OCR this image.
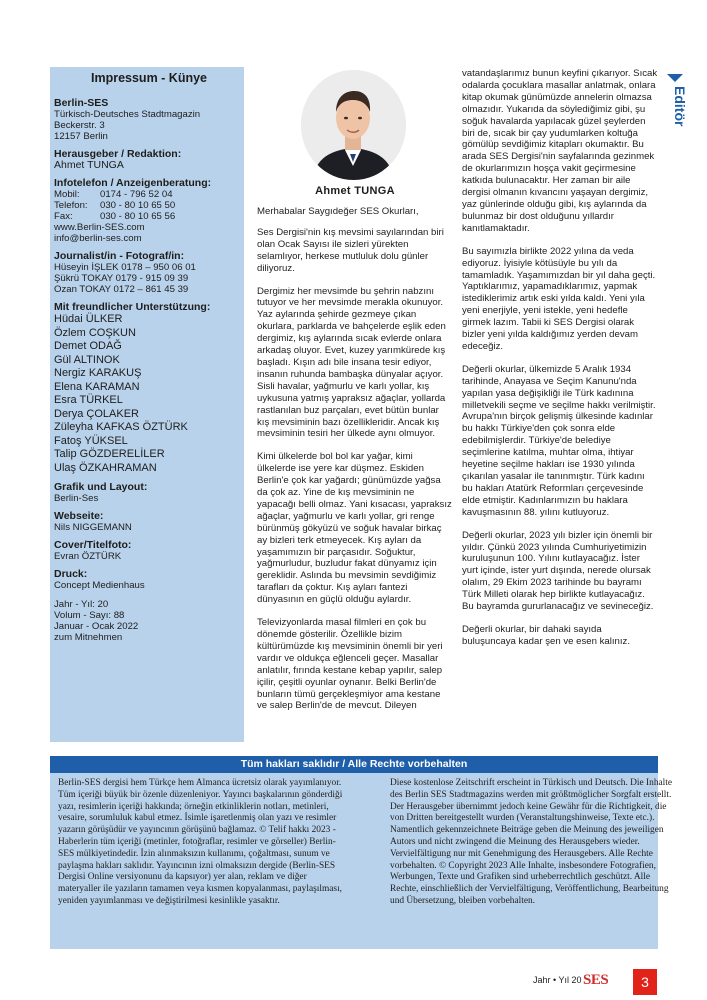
Impressum - Künye
Berlin-SES
Türkisch-Deutsches Stadtmagazin
Beckerstr. 3
12157 Berlin
Herausgeber / Redaktion:
Ahmet TUNGA
Infotelefon / Anzeigenberatung:
Mobil: 0174 - 796 52 04
Telefon: 030 - 80 10 65 50
Fax:	030 - 80 10 65 56
www.Berlin-SES.com
info@berlin-ses.com
Journalist/in - Fotograf/in:
Hüseyin İŞLEK 0178 – 950 06 01
Şükrü TOKAY 0179 - 915 09 39
Ozan TOKAY 0172 – 861 45 39
Mit freundlicher Unterstützung:
Hüdai ÜLKER
Özlem COŞKUN
Demet ODAĞ
Gül ALTINOK
Nergiz KARAKUŞ
Elena KARAMAN
Esra TÜRKEL
Derya ÇOLAKER
Züleyha KAFKAS ÖZTÜRK
Fatoş YÜKSEL
Talip GÖZDERELİLER
Ulaş ÖZKAHRAMAN
Grafik und Layout:
Berlin-Ses
Webseite:
Nils NIGGEMANN
Cover/Titelfoto:
Evran ÖZTÜRK
Druck:
Concept Medienhaus
Jahr - Yıl: 20
Volum - Sayı: 88
Januar - Ocak 2022
zum Mitnehmen
Ahmet TUNGA
Editör

Merhabalar Saygıdeğer SES Okurları,

Ses Dergisi'nin kış mevsimi sayılarından biri olan Ocak Sayısı ile sizleri yürekten selamlıyor, herkese mutluluk dolu günler diliyoruz.

Dergimiz her mevsimde bu şehrin nabzını tutuyor ve her mevsimde merakla okunuyor. Yaz aylarında şehirde gezmeye çıkan okurlara, parklarda ve bahçelerde eşlik eden dergimiz, kış aylarında sıcak evlerde onlara arkadaş oluyor. Evet, kuzey yarımkürede kış başladı. Kışın adı bile insana tesir ediyor, insanın ruhunda bambaşka dünyalar açıyor. Sisli havalar, yağmurlu ve karlı yollar, kış uykusuna yatmış yapraksız ağaçlar, yollarda rastlanılan buz parçaları, evet bütün bunlar kış mevsiminin bazı özellikleridir. Ancak kış mevsiminin tesiri her ülkede aynı olmuyor.

Kimi ülkelerde bol bol kar yağar, kimi ülkelerde ise yere kar düşmez. Eskiden Berlin'e çok kar yağardı; günümüzde yağsa da çok az. Yine de kış mevsiminin ne yapacağı belli olmaz. Yani kısacası, yapraksız ağaçlar, yağmurlu ve karlı yollar, gri renge bürünmüş gökyüzü ve soğuk havalar birkaç ay bizleri terk etmeyecek. Kış ayları da yaşamımızın bir parçasıdır. Soğuktur, yağmurludur, buzludur fakat dünyamız için gereklidir. Aslında bu mevsimin sevdiğimiz tarafları da çoktur. Kış ayları fantezi dünyasının en güçlü olduğu aylardır.

Televizyonlarda masal filmleri en çok bu dönemde gösterilir. Özellikle bizim kültürümüzde kış mevsiminin önemli bir yeri vardır ve oldukça eğlenceli geçer. Masallar anlatılır, fırında kestane kebap yapılır, salep içilir, çeşitli oyunlar oynanır. Belki Berlin'de bunların tümü gerçekleşmiyor ama kestane ve salep Berlin'de de mevcut. Dileyen

vatandaşlarımız bunun keyfini çıkarıyor. Sıcak odalarda çocuklara masallar anlatmak, onlara kitap okumak günümüzde annelerin olmazsa olmazıdır. Yukarıda da söylediğimiz gibi, şu soğuk havalarda yapılacak güzel şeylerden biri de, sıcak bir çay yudumlarken koltuğa gömülüp sevdiğimiz kitapları okumaktır. Bu arada SES Dergisi'nin sayfalarında gezinmek de okurlarımızın hoşça vakit geçirmesine katkıda bulunacaktır. Her zaman bir aile dergisi olmanın kıvancını yaşayan dergimiz, yaz günlerinde olduğu gibi, kış aylarında da bulunmaz bir dost olduğunu yıllardır kanıtlamaktadır.

Bu sayımızla birlikte 2022 yılına da veda ediyoruz. İyisiyle kötüsüyle bu yılı da tamamladık. Yaşamımızdan bir yıl daha geçti. Yaptıklarımız, yapamadıklarımız, yapmak istediklerimiz artık eski yılda kaldı. Yeni yıla yeni enerjiyle, yeni istekle, yeni hedefle girmek lazım. Tabii ki SES Dergisi olarak bizler yeni yılda kaldığımız yerden devam edeceğiz.

Değerli okurlar, ülkemizde 5 Aralık 1934 tarihinde, Anayasa ve Seçim Kanunu'nda yapılan yasa değişikliği ile Türk kadınına milletvekili seçme ve seçilme hakkı verilmiştir. Avrupa'nın birçok gelişmiş ülkesinde kadınlar bu hakkı Türkiye'den çok sonra elde edebilmişlerdir. Türkiye'de belediye seçimlerine katılma, muhtar olma, ihtiyar heyetine seçilme hakları ise 1930 yılında çıkarılan yasalar ile tanınmıştır. Türk kadını bu hakları Atatürk Reformları çerçevesinde elde etmiştir. Kadınlarımızın bu haklara kavuşmasının 88. yılını kutluyoruz.

Değerli okurlar, 2023 yılı bizler için önemli bir yıldır. Çünkü 2023 yılında Cumhuriyetimizin kuruluşunun 100. Yılını kutlayacağız. İster yurt içinde, ister yurt dışında, nerede olursak olalım, 29 Ekim 2023 tarihinde bu bayramı Türk Milleti olarak hep birlikte kutlayacağız. Bu bayramda gururlanacağız ve sevineceğiz.

Değerli okurlar, bir dahaki sayıda buluşuncaya kadar şen ve esen kalınız.

Tüm hakları saklıdır / Alle Rechte vorbehalten
Berlin-SES dergisi hem Türkçe hem Almanca ücretsiz olarak yayımlanıyor. Tüm içeriği büyük bir özenle düzenleniyor. Yayıncı başkalarının gönderdiği yazı, resimlerin içeriği hakkında; örneğin etkinliklerin notları, metinleri, vesaire, sorumluluk kabul etmez. İsimle işaretlenmiş olan yazı ve resimler yazarın görüşüdür ve yayıncının görüşünü bağlamaz. © Telif hakkı 2023 - Haberlerin tüm içeriği (metinler, fotoğraflar, resimler ve görseller) Berlin-SES mülkiyetindedir. İzin alınmaksızın kullanımı, çoğaltması, sunum ve paylaşma hakları saklıdır. Yayıncının izni olmaksızın dergide (Berlin-SES Dergisi Online versiyonunu da kapsıyor) yer alan, reklam ve diğer materyaller ile yazıların tamamen veya kısmen kopyalanması, paylaşılması, yeniden yayımlanması ve değiştirilmesi kesinlikle yasaktır.
Diese kostenlose Zeitschrift erscheint in Türkisch und Deutsch. Die Inhalte des Berlin SES Stadtmagazins werden mit größtmöglicher Sorgfalt erstellt. Der Herausgeber übernimmt jedoch keine Gewähr für die Richtigkeit, die von Dritten bereitgestellt wurden (Veranstaltungshinweise, Texte etc.). Namentlich gekennzeichnete Beiträge geben die Meinung des jeweiligen Autors und nicht zwingend die Meinung des Herausgebers wieder. Vervielfältigung nur mit Genehmigung des Herausgebers. Alle Rechte vorbehalten. © Copyright 2023 Alle Inhalte, insbesondere Fotografien, Werbungen, Texte und Grafiken sind urheberrechtlich geschützt. Alle Rechte, einschließlich der Vervielfältigung, Veröffentlichung, Bearbeitung und Übersetzung, bleiben vorbehalten.
Jahr • Yıl 20 SES	3
